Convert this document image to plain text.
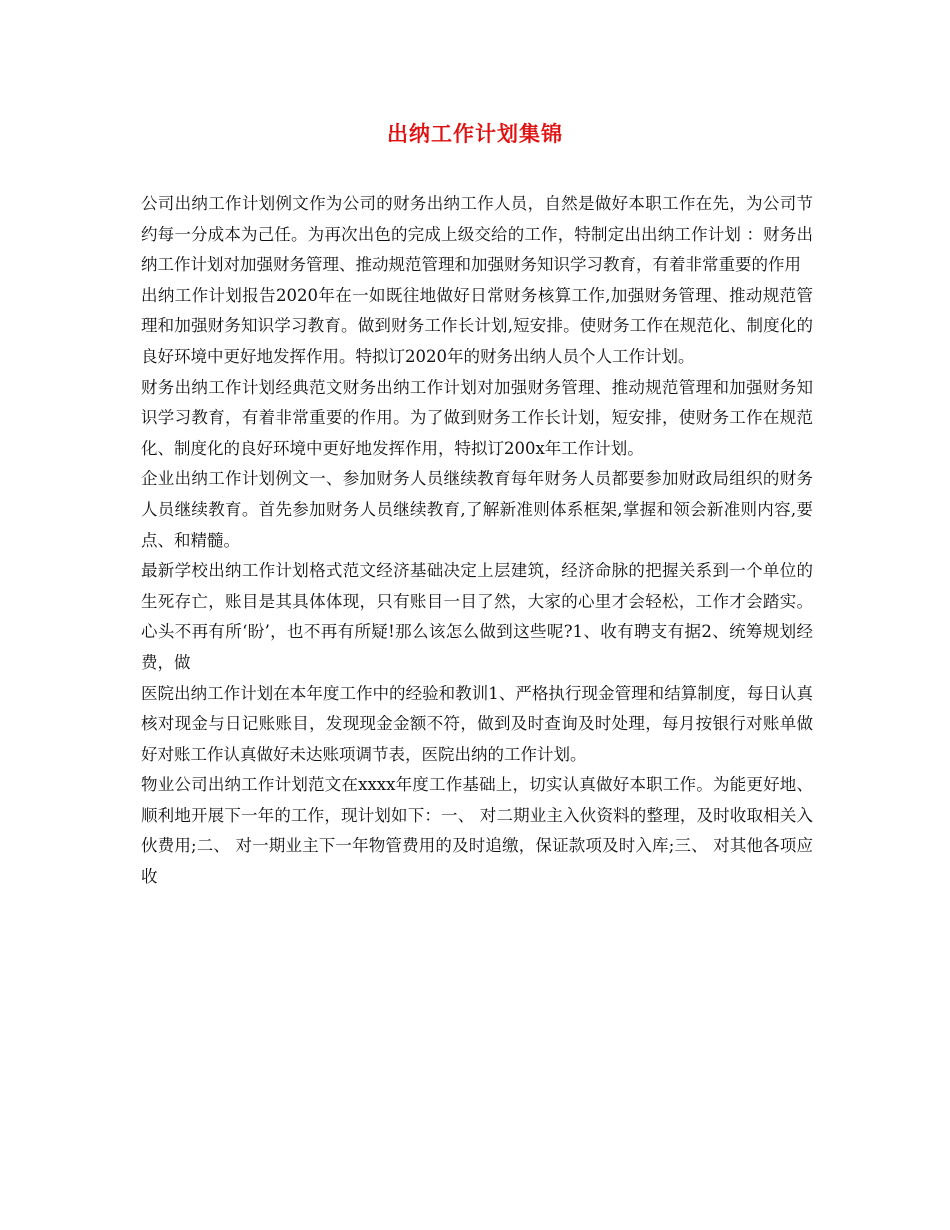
出纳工作计划集锦

公司出纳工作计划例文作为公司的财务出纳工作人员，自然是做好本职工作在先，为公司节约每一分成本为己任。为再次出色的完成上级交给的工作，特制定出出纳工作计划 ：财务出纳工作计划对加强财务管理、推动规范管理和加强财务知识学习教育，有着非常重要的作用

出纳工作计划报告2020年在一如既往地做好日常财务核算工作,加强财务管理、推动规范管理和加强财务知识学习教育。做到财务工作长计划,短安排。使财务工作在规范化、制度化的良好环境中更好地发挥作用。特拟订2020年的财务出纳人员个人工作计划。

财务出纳工作计划经典范文财务出纳工作计划对加强财务管理、推动规范管理和加强财务知识学习教育，有着非常重要的作用。为了做到财务工作长计划，短安排，使财务工作在规范化、制度化的良好环境中更好地发挥作用，特拟订200x年工作计划。

企业出纳工作计划例文一、参加财务人员继续教育每年财务人员都要参加财政局组织的财务人员继续教育。首先参加财务人员继续教育,了解新准则体系框架,掌握和领会新准则内容,要点、和精髓。

最新学校出纳工作计划格式范文经济基础决定上层建筑，经济命脉的把握关系到一个单位的生死存亡，账目是其具体体现，只有账目一目了然，大家的心里才会轻松，工作才会踏实。心头不再有所‘盼’，也不再有所疑!那么该怎么做到这些呢?1、收有聘支有据2、统筹规划经费，做

医院出纳工作计划在本年度工作中的经验和教训1、严格执行现金管理和结算制度，每日认真核对现金与日记账账目，发现现金金额不符，做到及时查询及时处理，每月按银行对账单做好对账工作认真做好未达账项调节表，医院出纳的工作计划。

物业公司出纳工作计划范文在xxxx年度工作基础上，切实认真做好本职工作。为能更好地、顺利地开展下一年的工作，现计划如下：一、 对二期业主入伙资料的整理，及时收取相关入伙费用;二、 对一期业主下一年物管费用的及时追缴，保证款项及时入库;三、 对其他各项应收
